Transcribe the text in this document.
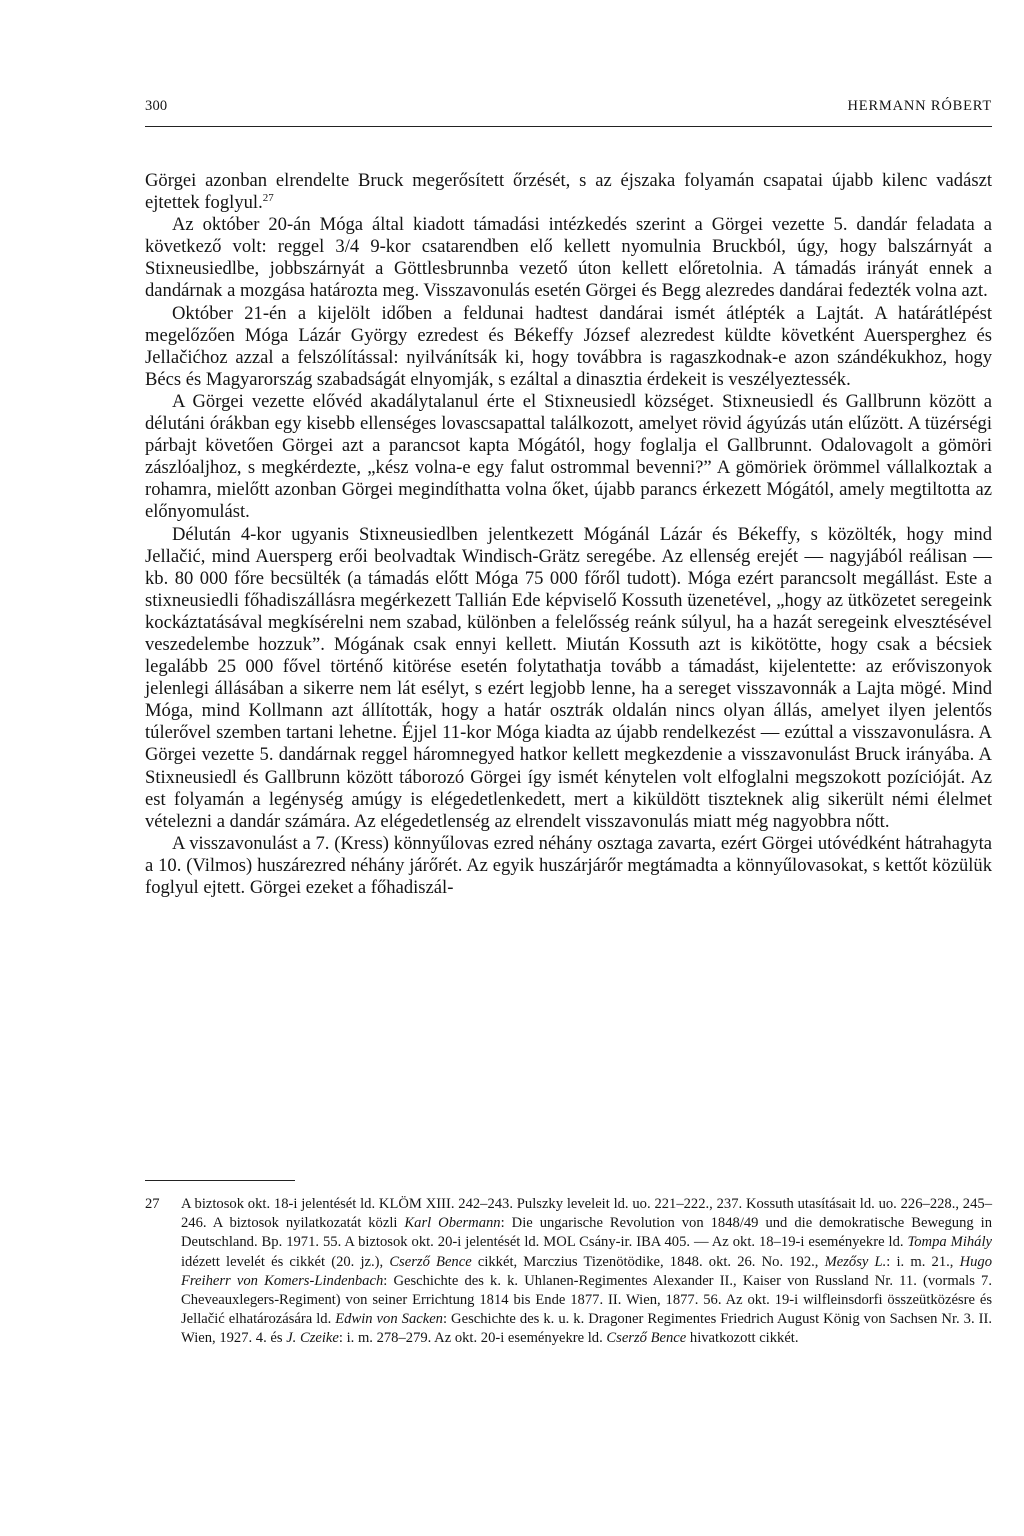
300	HERMANN RÓBERT

Görgei azonban elrendelte Bruck megerősített őrzését, s az éjszaka folyamán csapatai újabb kilenc vadászt ejtettek foglyul.$^{27}$

Az október 20-án Móga által kiadott támadási intézkedés szerint a Görgei vezette 5. dandár feladata a következő volt: reggel 3/4 9-kor csatarendben elő kellett nyomulnia Bruckból, úgy, hogy balszárnyát a Stixneusiedlbe, jobbszárnyát a Göttlesbrunnba vezető úton kellett előretolnia. A támadás irányát ennek a dandárnak a mozgása határozta meg. Visszavonulás esetén Görgei és Begg alezredes dandárai fedezték volna azt.

Október 21-én a kijelölt időben a feldunai hadtest dandárai ismét átlépték a Lajtát. A határátlépést megelőzően Móga Lázár György ezredest és Békeffy József alezredest küldte követként Auersperghez és Jellačićhoz azzal a felszólítással: nyilvánítsák ki, hogy továbbra is ragaszkodnak-e azon szándékukhoz, hogy Bécs és Magyarország szabadságát elnyomják, s ezáltal a dinasztia érdekeit is veszélyeztessék.

A Görgei vezette elővéd akadálytalanul érte el Stixneusiedl községet. Stixneusiedl és Gallbrunn között a délutáni órákban egy kisebb ellenséges lovascsapattal találkozott, amelyet rövid ágyúzás után elűzött. A tüzérségi párbajt követően Görgei azt a parancsot kapta Mógától, hogy foglalja el Gallbrunnt. Odalovagolt a gömöri zászlóaljhoz, s megkérdezte, „kész volna-e egy falut ostrommal bevenni?” A gömöriek örömmel vállalkoztak a rohamra, mielőtt azonban Görgei megindíthatta volna őket, újabb parancs érkezett Mógától, amely megtiltotta az előnyomulást.

Délután 4-kor ugyanis Stixneusiedlben jelentkezett Mógánál Lázár és Békeffy, s közölték, hogy mind Jellačić, mind Auersperg erői beolvadtak Windisch-Grätz seregébe. Az ellenség erejét — nagyjából reálisan — kb. 80 000 főre becsülték (a támadás előtt Móga 75 000 főről tudott). Móga ezért parancsolt megállást. Este a stixneusiedli főhadiszállásra megérkezett Tallián Ede képviselő Kossuth üzenetével, „hogy az ütközetet seregeink kockáztatásával megkísérelni nem szabad, különben a felelősség reánk súlyul, ha a hazát seregeink elvesztésével veszedelembe hozzuk”. Mógának csak ennyi kellett. Miután Kossuth azt is kikötötte, hogy csak a bécsiek legalább 25 000 fővel történő kitörése esetén folytathatja tovább a támadást, kijelentette: az erőviszonyok jelenlegi állásában a sikerre nem lát esélyt, s ezért legjobb lenne, ha a sereget visszavonnák a Lajta mögé. Mind Móga, mind Kollmann azt állították, hogy a határ osztrák oldalán nincs olyan állás, amelyet ilyen jelentős túlerővel szemben tartani lehetne. Éjjel 11-kor Móga kiadta az újabb rendelkezést — ezúttal a visszavonulásra. A Görgei vezette 5. dandárnak reggel háromnegyed hatkor kellett megkezdenie a visszavonulást Bruck irányába. A Stixneusiedl és Gallbrunn között táborozó Görgei így ismét kénytelen volt elfoglalni megszokott pozícióját. Az est folyamán a legénység amúgy is elégedetlenkedett, mert a kiküldött tiszteknek alig sikerült némi élelmet vételezni a dandár számára. Az elégedetlenség az elrendelt visszavonulás miatt még nagyobbra nőtt.

A visszavonulást a 7. (Kress) könnyűlovas ezred néhány osztaga zavarta, ezért Görgei utóvédként hátrahagyta a 10. (Vilmos) huszárezred néhány járőrét. Az egyik huszárjárőr megtámadta a könnyűlovasokat, s kettőt közülük foglyul ejtett. Görgei ezeket a főhadiszál-

27 A biztosok okt. 18-i jelentését ld. KLÖM XIII. 242–243. Pulszky leveleit ld. uo. 221–222., 237. Kossuth utasításait ld. uo. 226–228., 245–246. A biztosok nyilatkozatát közli Karl Obermann: Die ungarische Revolution von 1848/49 und die demokratische Bewegung in Deutschland. Bp. 1971. 55. A biztosok okt. 20-i jelentését ld. MOL Csány-ir. IBA 405. — Az okt. 18–19-i eseményekre ld. Tompa Mihály idézett levelét és cikkét (20. jz.), Cserző Bence cikkét, Marczius Tizenötödike, 1848. okt. 26. No. 192., Mezősy L.: i. m. 21., Hugo Freiherr von Komers-Lindenbach: Geschichte des k. k. Uhlanen-Regimentes Alexander II., Kaiser von Russland Nr. 11. (vormals 7. Cheveauxlegers-Regiment) von seiner Errichtung 1814 bis Ende 1877. II. Wien, 1877. 56. Az okt. 19-i wilfleinsdorfi összeütközésre és Jellačić elhatározására ld. Edwin von Sacken: Geschichte des k. u. k. Dragoner Regimentes Friedrich August König von Sachsen Nr. 3. II. Wien, 1927. 4. és J. Czeike: i. m. 278–279. Az okt. 20-i eseményekre ld. Cserző Bence hivatkozott cikkét.
